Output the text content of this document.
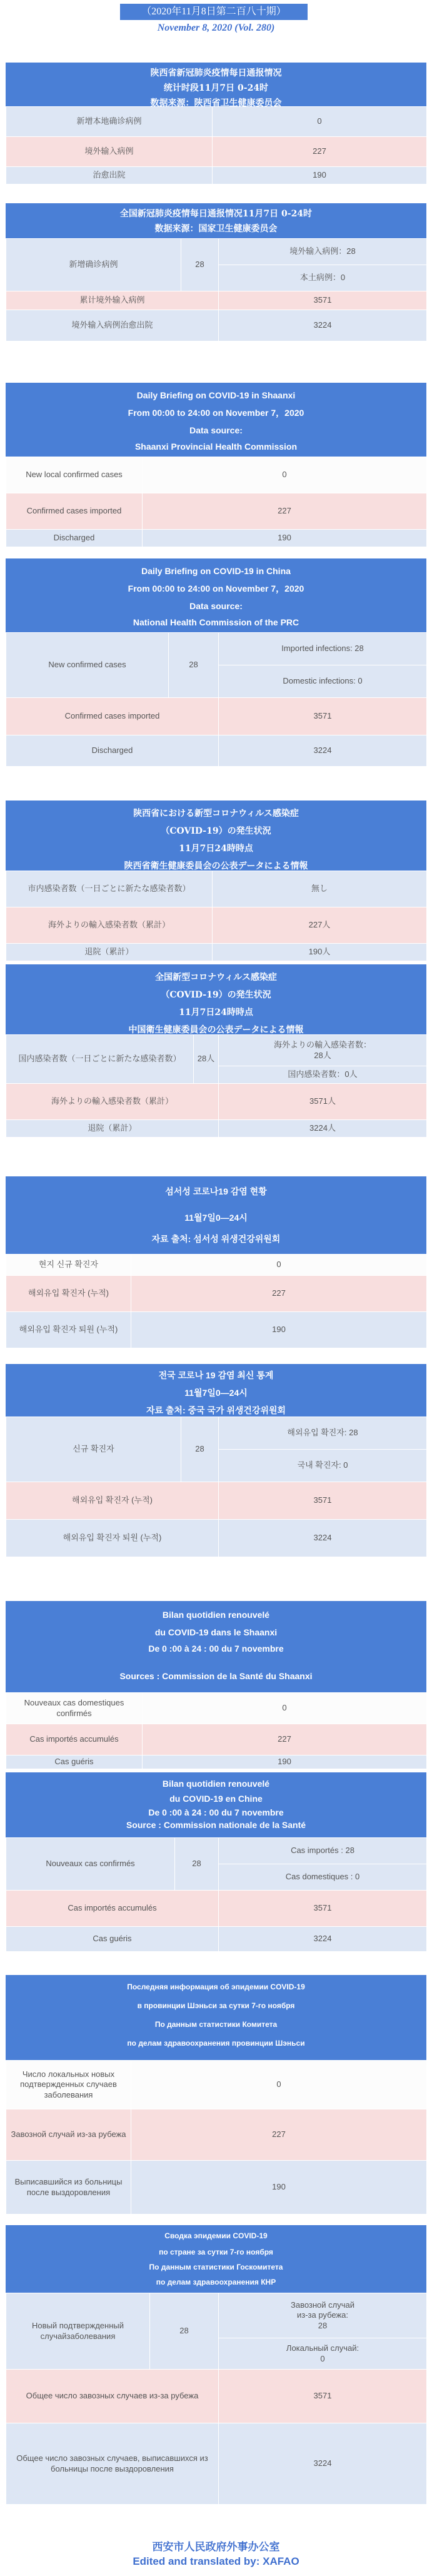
（2020年11月8日第二百八十期）
November 8, 2020 (Vol. 280)
陕西省新冠肺炎疫情每日通报情况
统计时段11月7日 0-24时
数据来源：陕西省卫生健康委员会
新增本地确诊病例	0
境外输入病例	227
治愈出院	190
全国新冠肺炎疫情每日通报情况11月7日 0-24时
数据来源：国家卫生健康委员会
新增确诊病例	28	境外输入病例：28
		本土病例：0
累计境外输入病例		3571
境外输入病例治愈出院		3224
Daily Briefing on COVID-19 in Shaanxi
From 00:00 to 24:00 on November 7，2020
Data source:
Shaanxi Provincial Health Commission
New local confirmed cases	0
Confirmed cases imported	227
Discharged	190
Daily Briefing on COVID-19 in China
From 00:00 to 24:00 on November 7，2020
Data source:
National Health Commission of the PRC
New confirmed cases	28	Imported infections: 28
		Domestic infections: 0
Confirmed cases imported		3571
Discharged		3224
陕西省における新型コロナウィルス感染症
（COVID-19）の発生状況
11月7日24時時点
陕西省衛生健康委員会の公表データによる情報
市内感染者数（一日ごとに新たな感染者数）	無し
海外よりの輸入感染者数（累計）	227人
退院（累計）	190人
全国新型コロナウィルス感染症
（COVID-19）の発生状況
11月7日24時時点
中国衛生健康委員会の公表データによる情報
国内感染者数（一日ごとに新たな感染者数）	28人	海外よりの輸入感染者数：
28人

		国内感染者数：0人
海外よりの輸入感染者数（累計）		3571人
退院（累計）		3224人
섬서성 코로나19 감염 현황
11월7일0—24시
자료 출처: 섬서성 위생건강위원회
현지 신규 확진자	0
해외유입 확진자 (누적)	227
해외유입 확진자 퇴원 (누적)	190
전국 코로나 19 감염 최신 통계
11월7일0—24시
자료 출처: 중국 국가 위생건강위원회
신규 확진자	28	해외유입 확진자: 28
		국내 확진자: 0
해외유입 확진자 (누적)		3571
해외유입 확진자 퇴원 (누적)		3224
Bilan quotidien renouvelé
du COVID-19 dans le Shaanxi
De 0 :00 à 24 : 00 du 7 novembre
Sources : Commission de la Santé du Shaanxi
Nouveaux cas domestiques confirmés	0
Cas importés accumulés	227
Cas guéris	190
Bilan quotidien renouvelé
du COVID-19 en Chine
De 0 :00 à 24 : 00 du 7 novembre
Source : Commission nationale de la Santé
Nouveaux cas confirmés	28	Cas importés : 28
		Cas domestiques : 0
Cas importés accumulés		3571
Cas guéris		3224
Последняя информация об эпидемии COVID-19
в провинции Шэньси за сутки 7-го ноября
По данным статистики Комитета
по делам здравоохранения провинции Шэньси
Число локальных новых подтвержденных случаев заболевания	0
Завозной случай из-за рубежа	227
Выписавшийся из больницы после выздоровления	190
Сводка эпидемии COVID-19
по стране за сутки 7-го ноября
По данным статистики Госкомитета
по делам здравоохранения КНР
Новый подтвержденный случайзаболевания	28	Завозной случай
из-за рубежа:
28

		Локальный случай:
0

Общее число завозных случаев из-за рубежа		3571
Общее число завозных случаев, выписавшихся из больницы после выздоровления		3224
西安市人民政府外事办公室
Edited and translated by: XAFAO
